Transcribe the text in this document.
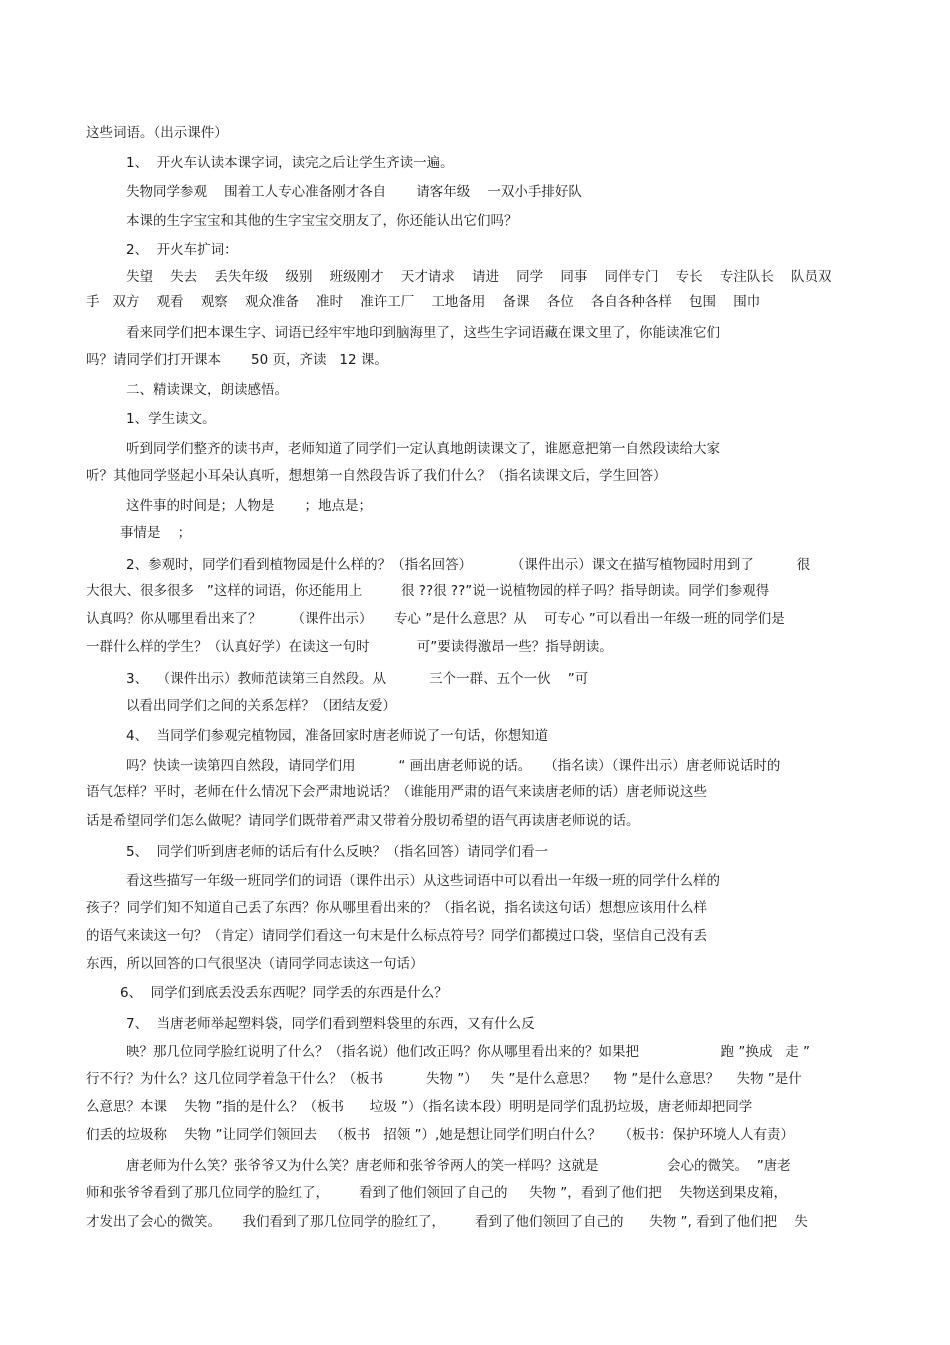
这些词语。（出示课件）
1、  开火车认读本课字词，读完之后让学生齐读一遍。
失物同学参观    围着工人专心准备刚才各自       请客年级    一双小手排好队
本课的生字宝宝和其他的生字宝宝交朋友了，你还能认出它们吗？
2、  开火车扩词：
失望    失去    丢失年级    级别    班级刚才    天才请求    请进    同学    同事    同伴专门    专长    专注队长    队员双
手   双方    观看    观察    观众准备    准时    准许工厂    工地备用    备课    各位    各自各种各样    包围    围巾
看来同学们把本课生字、词语已经牢牢地印到脑海里了，这些生字词语藏在课文里了，你能读准它们
吗？请同学们打开课本       50 页，齐读   12 课。
二、精读课文，朗读感悟。
1、学生读文。
听到同学们整齐的读书声，老师知道了同学们一定认真地朗读课文了，谁愿意把第一自然段读给大家
听？其他同学竖起小耳朵认真听，想想第一自然段告诉了我们什么？（指名读课文后，学生回答）
这件事的时间是；人物是       ；地点是；
事情是    ；
2、参观时，同学们看到植物园是什么样的？（指名回答）         （课件出示）课文在描写植物园时用到了          很
大很大、很多很多   ”这样的词语，你还能用上         很 ??很 ??”说一说植物园的样子吗？指导朗读。同学们参观得
认真吗？你从哪里看出来了？       （课件出示）     专心 ”是什么意思？从    可专心 ”可以看出一年级一班的同学们是
一群什么样的学生？（认真好学）在读这一句时           可”要读得激昂一些？指导朗读。
3、  （课件出示）教师范读第三自然段。从          三个一群、五个一伙    ”可
以看出同学们之间的关系怎样？（团结友爱）
4、  当同学们参观完植物园，准备回家时唐老师说了一句话，你想知道
吗？快读一读第四自然段，请同学们用          “ 画出唐老师说的话。   （指名读）（课件出示）唐老师说话时的
语气怎样？平时，老师在什么情况下会严肃地说话？（谁能用严肃的语气来读唐老师的话）唐老师说这些
话是希望同学们怎么做呢？请同学们既带着严肃又带着分殷切希望的语气再读唐老师说的话。
5、  同学们听到唐老师的话后有什么反映？（指名回答）请同学们看一
看这些描写一年级一班同学们的词语（课件出示）从这些词语中可以看出一年级一班的同学什么样的
孩子？同学们知不知道自己丢了东西？你从哪里看出来的？（指名说，指名读这句话）想想应该用什么样
的语气来读这一句？（肯定）请同学们看这一句末是什么标点符号？同学们都摸过口袋，坚信自己没有丢
东西，所以回答的口气很坚决（请同学同志读这一句话）
6、  同学们到底丢没丢东西呢？同学丢的东西是什么？
7、  当唐老师举起塑料袋，同学们看到塑料袋里的东西，又有什么反
映？那几位同学脸红说明了什么？（指名说）他们改正吗？你从哪里看出来的？如果把                   跑 ”换成   走 ”
行不行？为什么？这几位同学着急干什么？（板书          失物 ”）   失 ”是什么意思？    物 ”是什么意思？    失物 ”是什
么意思？本课    失物 ”指的是什么？（板书      垃圾 ”）（指名读本段）明明是同学们乱扔垃圾，唐老师却把同学
们丢的垃圾称    失物 ”让同学们领回去   （板书   招领 ”）,她是想让同学们明白什么？    （板书：保护环境人人有责）
唐老师为什么笑？张爷爷又为什么笑？唐老师和张爷爷两人的笑一样吗？这就是                会心的微笑。  ”唐老
师和张爷爷看到了那几位同学的脸红了，       看到了他们领回了自己的     失物 ”，看到了他们把    失物送到果皮箱，
才发出了会心的微笑。     我们看到了那几位同学的脸红了，       看到了他们领回了自己的      失物 ”, 看到了他们把    失
